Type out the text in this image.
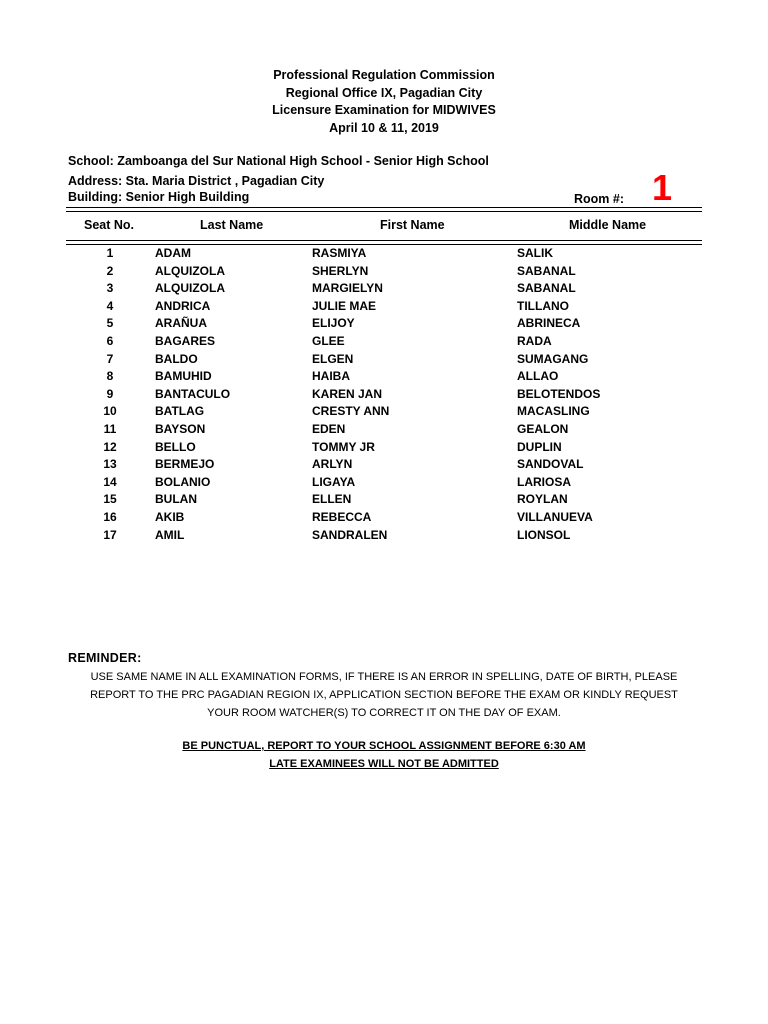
Professional Regulation Commission
Regional Office IX, Pagadian City
Licensure Examination for MIDWIVES
April 10 & 11, 2019
School: Zamboanga del Sur National High School - Senior High School
Address: Sta. Maria District , Pagadian City
Building: Senior High Building	Room #: 1
Seat No.	Last Name	First Name	Middle Name
1	ADAM	RASMIYA	SALIK
2	ALQUIZOLA	SHERLYN	SABANAL
3	ALQUIZOLA	MARGIELYN	SABANAL
4	ANDRICA	JULIE MAE	TILLANO
5	ARAÑUA	ELIJOY	ABRINECA
6	BAGARES	GLEE	RADA
7	BALDO	ELGEN	SUMAGANG
8	BAMUHID	HAIBA	ALLAO
9	BANTACULO	KAREN JAN	BELOTENDOS
10	BATLAG	CRESTY ANN	MACASLING
11	BAYSON	EDEN	GEALON
12	BELLO	TOMMY JR	DUPLIN
13	BERMEJO	ARLYN	SANDOVAL
14	BOLANIO	LIGAYA	LARIOSA
15	BULAN	ELLEN	ROYLAN
16	AKIB	REBECCA	VILLANUEVA
17	AMIL	SANDRALEN	LIONSOL
REMINDER:
USE SAME NAME IN ALL EXAMINATION FORMS, IF THERE IS AN ERROR IN SPELLING, DATE OF BIRTH, PLEASE
REPORT TO THE PRC PAGADIAN REGION IX, APPLICATION SECTION BEFORE THE EXAM OR KINDLY REQUEST
YOUR ROOM WATCHER(S) TO CORRECT IT ON THE DAY OF EXAM.
BE PUNCTUAL, REPORT TO YOUR SCHOOL ASSIGNMENT BEFORE 6:30 AM
LATE EXAMINEES WILL NOT BE ADMITTED
